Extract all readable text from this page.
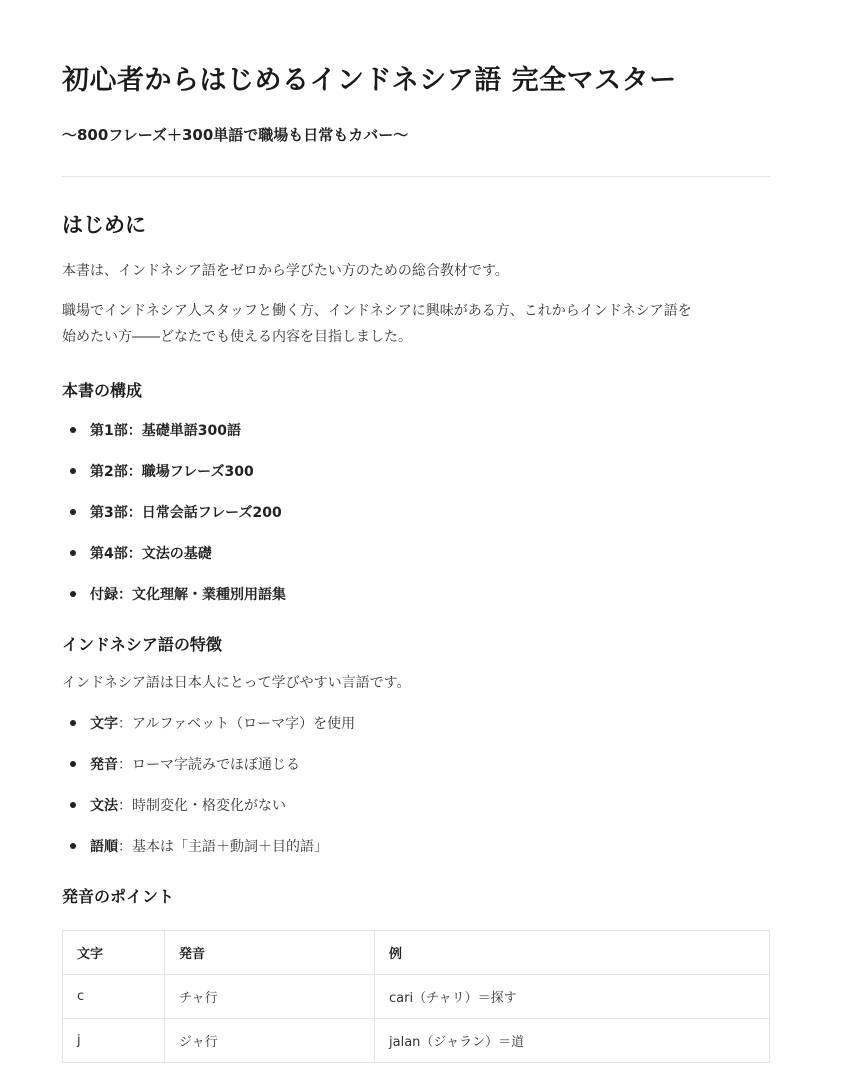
初心者からはじめるインドネシア語 完全マスター
〜800フレーズ＋300単語で職場も日常もカバー〜
はじめに
本書は、インドネシア語をゼロから学びたい方のための総合教材です。
職場でインドネシア人スタッフと働く方、インドネシアに興味がある方、これからインドネシア語を
始めたい方――どなたでも使える内容を目指しました。
本書の構成
第1部：基礎単語300語
第2部：職場フレーズ300
第3部：日常会話フレーズ200
第4部：文法の基礎
付録：文化理解・業種別用語集
インドネシア語の特徴
インドネシア語は日本人にとって学びやすい言語です。
文字：アルファベット（ローマ字）を使用
発音：ローマ字読みでほぼ通じる
文法：時制変化・格変化がない
語順：基本は「主語＋動詞＋目的語」
発音のポイント
文字	発音	例
c	チャ行	cari（チャリ）＝探す
j	ジャ行	jalan（ジャラン）＝道
